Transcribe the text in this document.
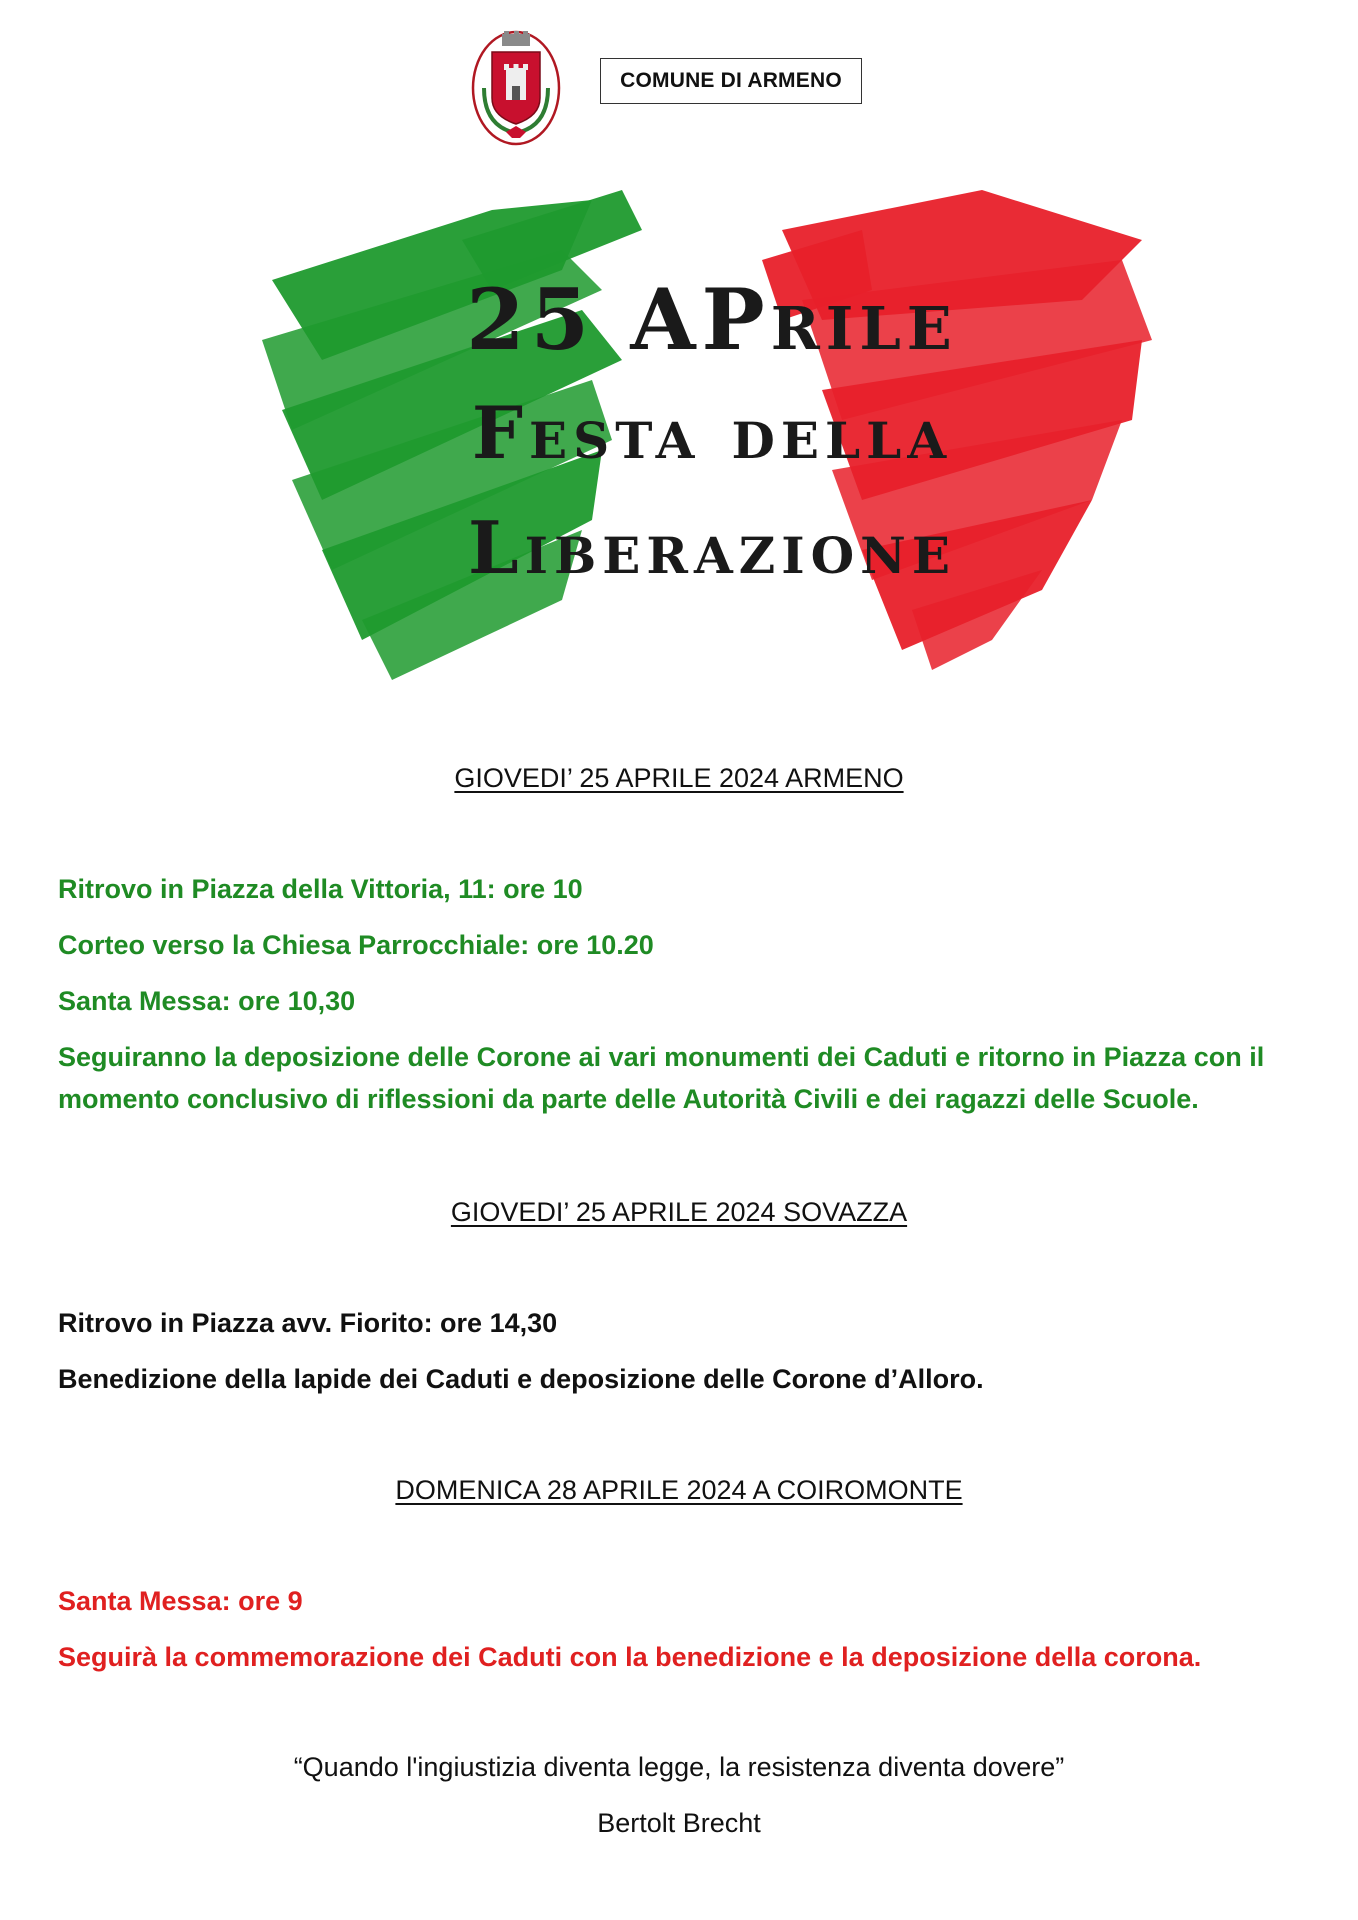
COMUNE DI ARMENO
25 APrile
Festa della
Liberazione
GIOVEDI’ 25 APRILE 2024 ARMENO
Ritrovo in Piazza della Vittoria, 11: ore 10
Corteo verso la Chiesa Parrocchiale: ore 10.20
Santa Messa: ore 10,30
Seguiranno la deposizione delle Corone ai vari monumenti dei Caduti e ritorno in Piazza con il momento conclusivo di riflessioni da parte delle Autorità Civili e dei ragazzi delle Scuole.
GIOVEDI’ 25 APRILE 2024 SOVAZZA
Ritrovo in Piazza avv. Fiorito: ore 14,30
Benedizione della lapide dei Caduti e deposizione delle Corone d’Alloro.
DOMENICA 28 APRILE 2024 A COIROMONTE
Santa Messa: ore 9
Seguirà la commemorazione dei Caduti con la benedizione e la deposizione della corona.
“Quando l'ingiustizia diventa legge, la resistenza diventa dovere”
Bertolt Brecht
